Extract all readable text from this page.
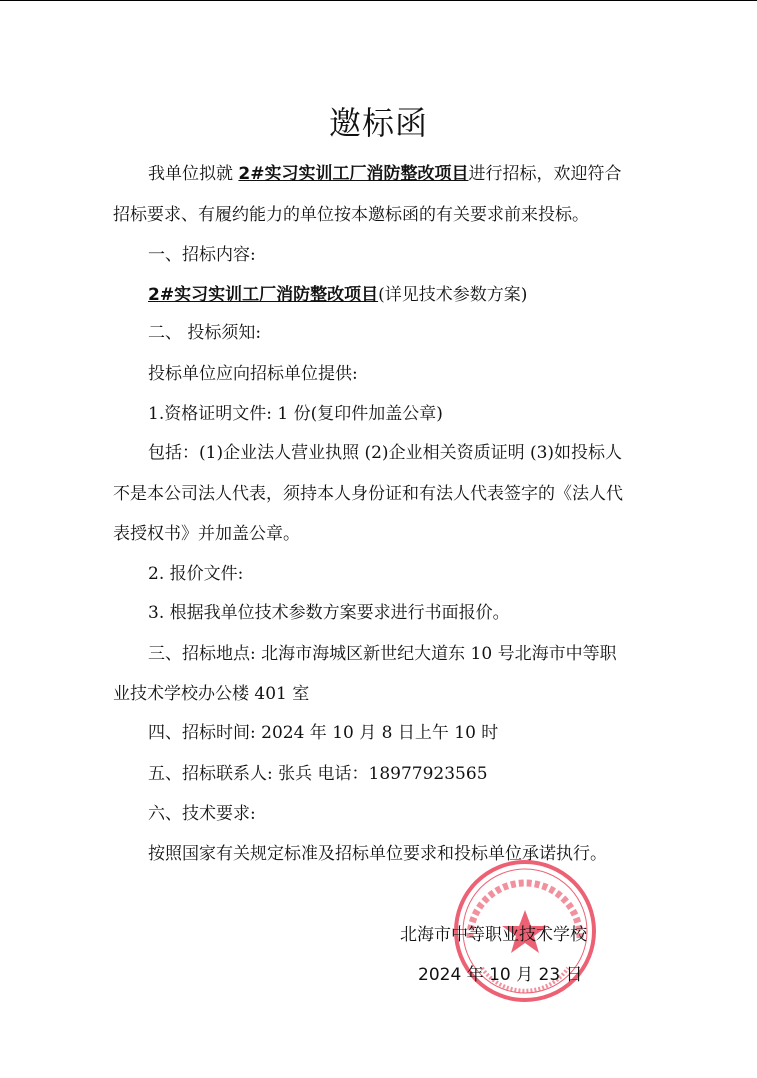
邀标函
我单位拟就 2#实习实训工厂消防整改项目进行招标，欢迎符合
招标要求、有履约能力的单位按本邀标函的有关要求前来投标。
一、招标内容:
2#实习实训工厂消防整改项目(详见技术参数方案)
二、 投标须知:
投标单位应向招标单位提供:
1.资格证明文件: 1 份(复印件加盖公章)
包括：(1)企业法人营业执照 (2)企业相关资质证明 (3)如投标人
不是本公司法人代表，须持本人身份证和有法人代表签字的《法人代
表授权书》并加盖公章。
2. 报价文件:
3. 根据我单位技术参数方案要求进行书面报价。
三、招标地点: 北海市海城区新世纪大道东 10 号北海市中等职
业技术学校办公楼 401 室
四、招标时间: 2024 年 10 月 8 日上午 10 时
五、招标联系人: 张兵 电话：18977923565
六、技术要求:
按照国家有关规定标准及招标单位要求和投标单位承诺执行。
北海市中等职业技术学校
2024 年 10 月 23 日
